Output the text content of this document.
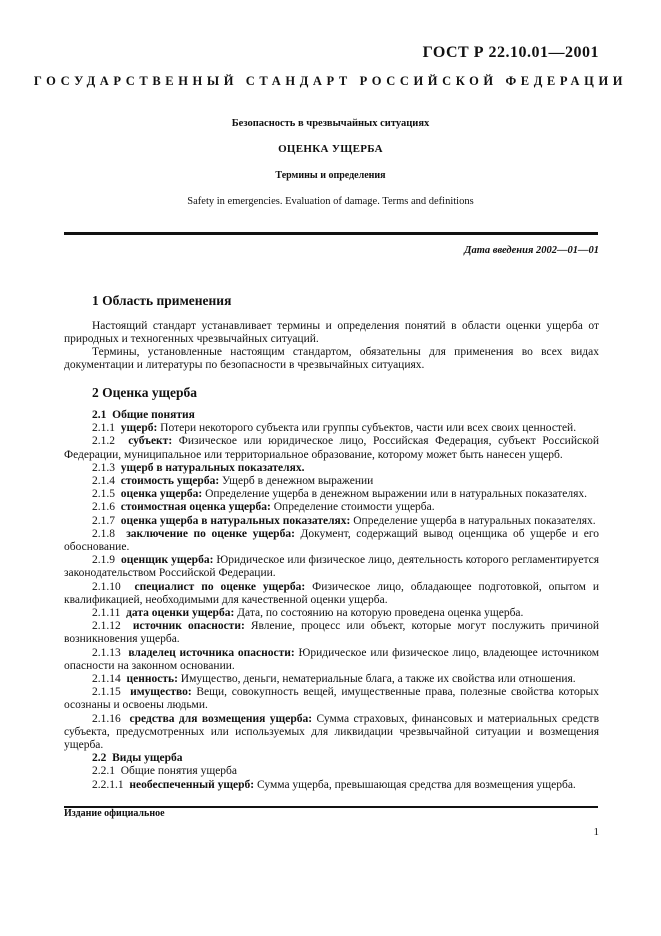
ГОСТ Р 22.10.01—2001
ГОСУДАРСТВЕННЫЙ СТАНДАРТ РОССИЙСКОЙ ФЕДЕРАЦИИ
Безопасность в чрезвычайных ситуациях
ОЦЕНКА УЩЕРБА
Термины и определения
Safety in emergencies. Evaluation of damage. Terms and definitions
Дата введения 2002—01—01
1 Область применения
Настоящий стандарт устанавливает термины и определения понятий в области оценки ущерба от природных и техногенных чрезвычайных ситуаций.
Термины, установленные настоящим стандартом, обязательны для применения во всех видах документации и литературы по безопасности в чрезвычайных ситуациях.
2 Оценка ущерба

2.1 Общие понятия

2.1.1 ущерб: Потери некоторого субъекта или группы субъектов, части или всех своих ценностей.

2.1.2 субъект: Физическое или юридическое лицо, Российская Федерация, субъект Российской Федерации, муниципальное или территориальное образование, которому может быть нанесен ущерб.

2.1.3 ущерб в натуральных показателях.

2.1.4 стоимость ущерба: Ущерб в денежном выражении

2.1.5 оценка ущерба: Определение ущерба в денежном выражении или в натуральных показателях.

2.1.6 стоимостная оценка ущерба: Определение стоимости ущерба.

2.1.7 оценка ущерба в натуральных показателях: Определение ущерба в натуральных показателях.

2.1.8 заключение по оценке ущерба: Документ, содержащий вывод оценщика об ущербе и его обоснование.

2.1.9 оценщик ущерба: Юридическое или физическое лицо, деятельность которого регламентируется законодательством Российской Федерации.

2.1.10 специалист по оценке ущерба: Физическое лицо, обладающее подготовкой, опытом и квалификацией, необходимыми для качественной оценки ущерба.

2.1.11 дата оценки ущерба: Дата, по состоянию на которую проведена оценка ущерба.

2.1.12 источник опасности: Явление, процесс или объект, которые могут послужить причиной возникновения ущерба.

2.1.13 владелец источника опасности: Юридическое или физическое лицо, владеющее источником опасности на законном основании.

2.1.14 ценность: Имущество, деньги, нематериальные блага, а также их свойства или отношения.

2.1.15 имущество: Вещи, совокупность вещей, имущественные права, полезные свойства которых осознаны и освоены людьми.

2.1.16 средства для возмещения ущерба: Сумма страховых, финансовых и материальных средств субъекта, предусмотренных или используемых для ликвидации чрезвычайной ситуации и возмещения ущерба.

2.2 Виды ущерба

2.2.1 Общие понятия ущерба

2.2.1.1 необеспеченный ущерб: Сумма ущерба, превышающая средства для возмещения ущерба.

Издание официальное
1
